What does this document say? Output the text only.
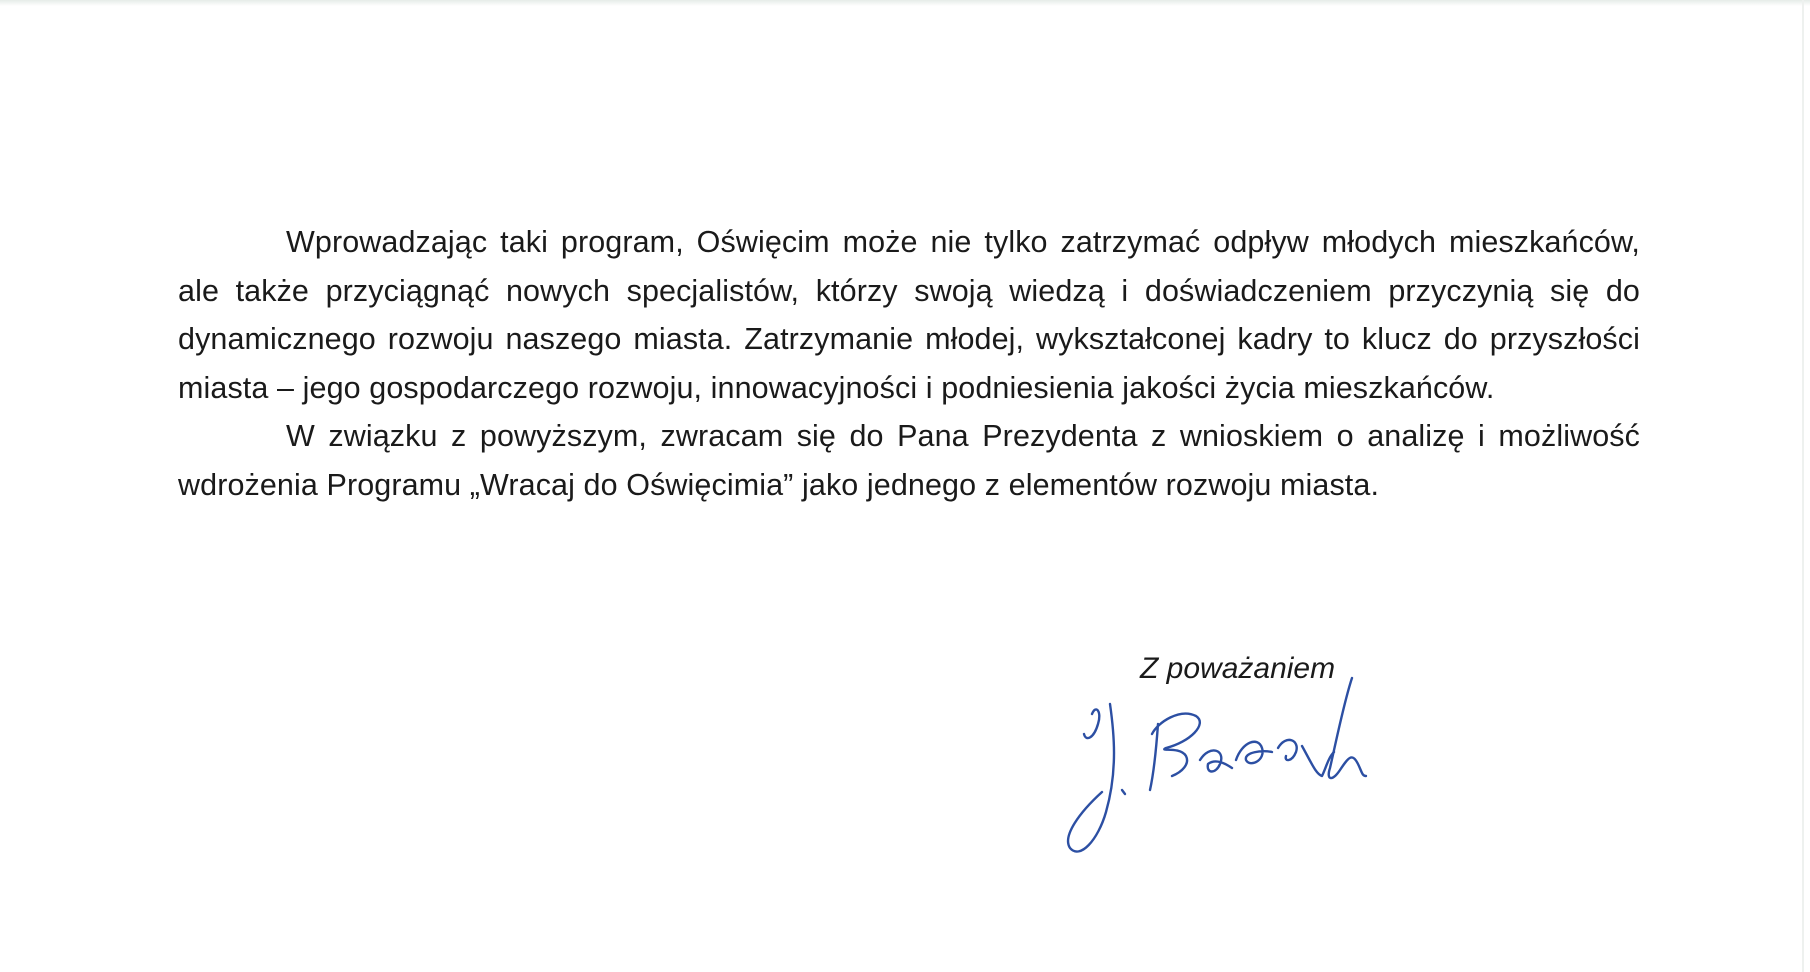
Wprowadzając taki program, Oświęcim może nie tylko zatrzymać odpływ młodych mieszkańców, ale także przyciągnąć nowych specjalistów, którzy swoją wiedzą i doświadczeniem przyczynią się do dynamicznego rozwoju naszego miasta. Zatrzymanie młodej, wykształconej kadry to klucz do przyszłości miasta – jego gospodarczego rozwoju, innowacyjności i podniesienia jakości życia mieszkańców.

W związku z powyższym, zwracam się do Pana Prezydenta z wnioskiem o analizę i możliwość wdrożenia Programu „Wracaj do Oświęcimia” jako jednego z elementów rozwoju miasta.

Z poważaniem
